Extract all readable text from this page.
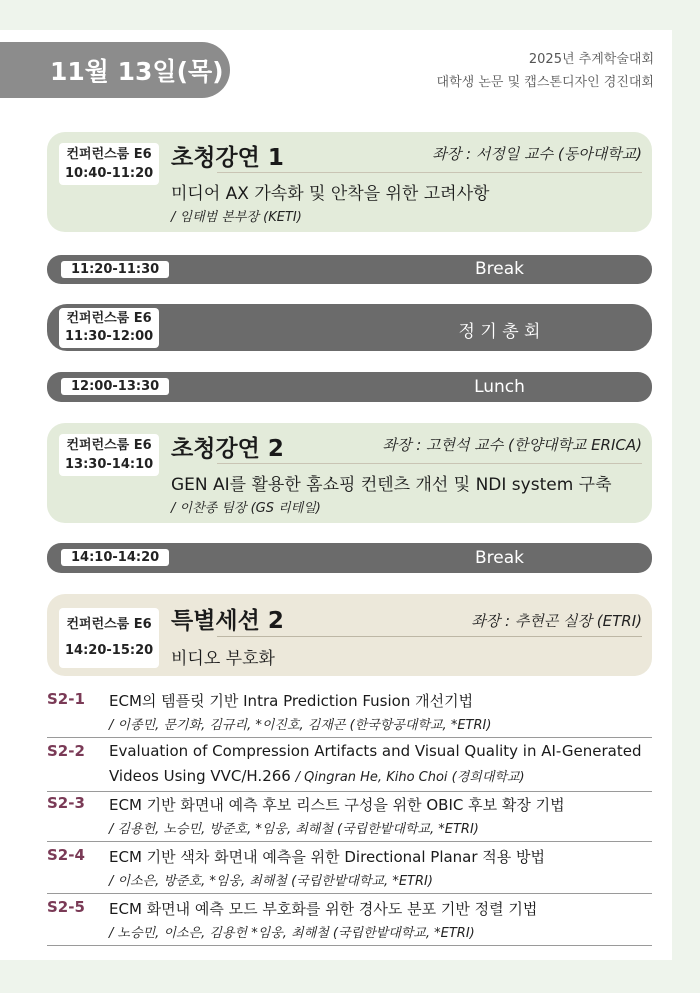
11월 13일(목)	2025년 추계학술대회
대학생 논문 및 캡스톤디자인 경진대회
컨퍼런스룸 E6
10:40-11:20
초청강연 1	좌장 : 서정일 교수 (동아대학교)
미디어 AX 가속화 및 안착을 위한 고려사항
/ 임태범 본부장 (KETI)
11:20-11:30	Break
컨퍼런스룸 E6
11:30-12:00	정 기 총 회
12:00-13:30	Lunch
컨퍼런스룸 E6
13:30-14:10
초청강연 2	좌장 : 고현석 교수 (한양대학교 ERICA)
GEN AI를 활용한 홈쇼핑 컨텐츠 개선 및 NDI system 구축
/ 이찬종 팀장 (GS 리테일)
14:10-14:20	Break
컨퍼런스룸 E6
14:20-15:20
특별세션 2	좌장 : 추현곤 실장 (ETRI)
비디오 부호화
S2-1 ECM의 템플릿 기반 Intra Prediction Fusion 개선기법
/ 이종민, 문기화, 김규리, *이진호, 김재곤 (한국항공대학교, *ETRI)
S2-2 Evaluation of Compression Artifacts and Visual Quality in AI-Generated
Videos Using VVC/H.266 / Qingran He, Kiho Choi (경희대학교)
S2-3 ECM 기반 화면내 예측 후보 리스트 구성을 위한 OBIC 후보 확장 기법
/ 김용헌, 노승민, 방준호, *임웅, 최해철 (국립한밭대학교, *ETRI)
S2-4 ECM 기반 색차 화면내 예측을 위한 Directional Planar 적용 방법
/ 이소은, 방준호, *임웅, 최해철 (국립한밭대학교, *ETRI)
S2-5 ECM 화면내 예측 모드 부호화를 위한 경사도 분포 기반 정렬 기법
/ 노승민, 이소은, 김용헌 *임웅, 최해철 (국립한밭대학교, *ETRI)
